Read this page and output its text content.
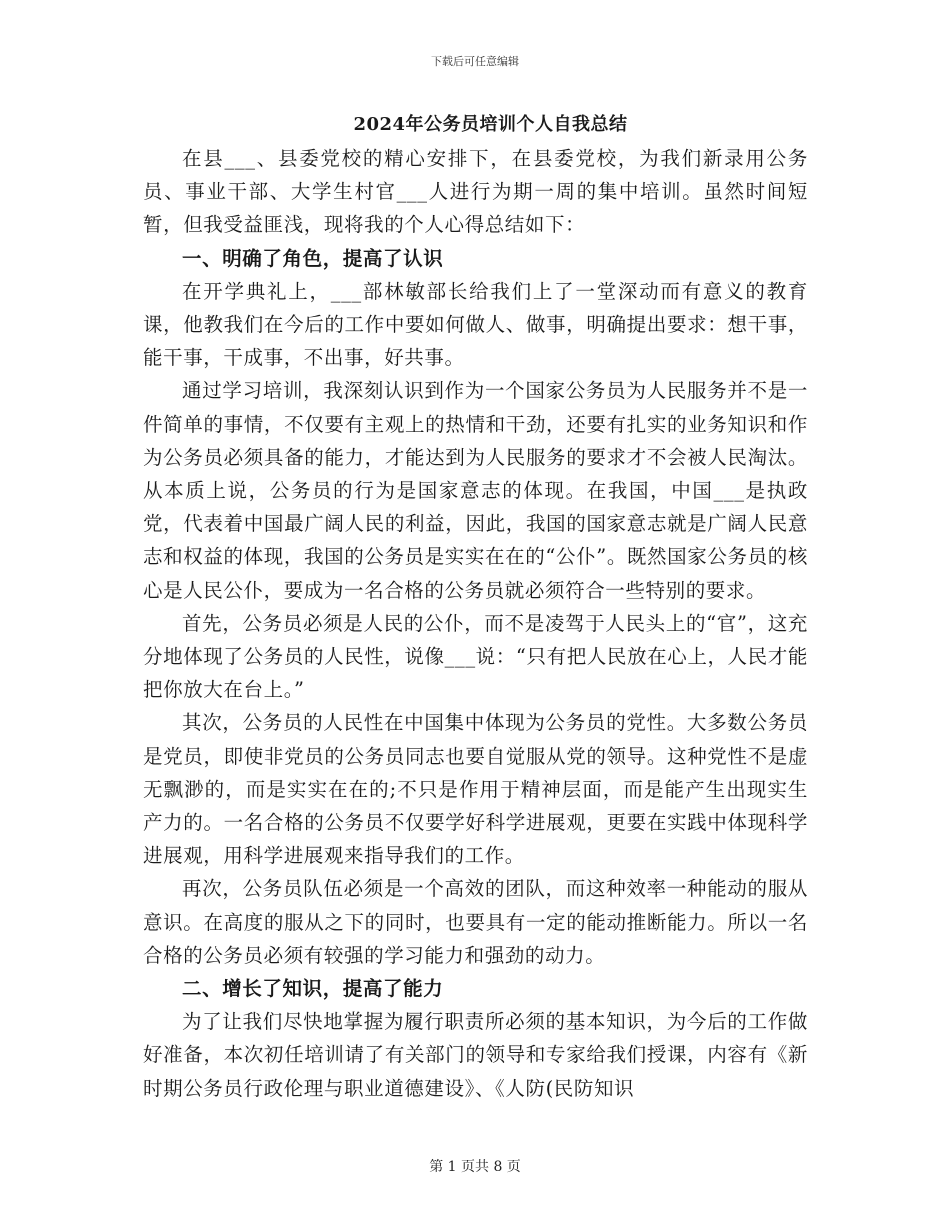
下载后可任意编辑
2024年公务员培训个人自我总结

在县___、县委党校的精心安排下，在县委党校，为我们新录用公务员、事业干部、大学生村官___人进行为期一周的集中培训。虽然时间短暂，但我受益匪浅，现将我的个人心得总结如下：

一、明确了角色，提高了认识

在开学典礼上，___部林敏部长给我们上了一堂深动而有意义的教育课，他教我们在今后的工作中要如何做人、做事，明确提出要求：想干事，能干事，干成事，不出事，好共事。

通过学习培训，我深刻认识到作为一个国家公务员为人民服务并不是一件简单的事情，不仅要有主观上的热情和干劲，还要有扎实的业务知识和作为公务员必须具备的能力，才能达到为人民服务的要求才不会被人民淘汰。从本质上说，公务员的行为是国家意志的体现。在我国，中国___是执政党，代表着中国最广阔人民的利益，因此，我国的国家意志就是广阔人民意志和权益的体现，我国的公务员是实实在在的“公仆”。既然国家公务员的核心是人民公仆，要成为一名合格的公务员就必须符合一些特别的要求。

首先，公务员必须是人民的公仆，而不是凌驾于人民头上的“官”，这充分地体现了公务员的人民性，说像___说：“只有把人民放在心上，人民才能把你放大在台上。”

其次，公务员的人民性在中国集中体现为公务员的党性。大多数公务员是党员，即使非党员的公务员同志也要自觉服从党的领导。这种党性不是虚无飘渺的，而是实实在在的;不只是作用于精神层面，而是能产生出现实生产力的。一名合格的公务员不仅要学好科学进展观，更要在实践中体现科学进展观，用科学进展观来指导我们的工作。

再次，公务员队伍必须是一个高效的团队，而这种效率一种能动的服从意识。在高度的服从之下的同时，也要具有一定的能动推断能力。所以一名合格的公务员必须有较强的学习能力和强劲的动力。

二、增长了知识，提高了能力

为了让我们尽快地掌握为履行职责所必须的基本知识，为今后的工作做好准备，本次初任培训请了有关部门的领导和专家给我们授课，内容有《新时期公务员行政伦理与职业道德建设》、《人防(民防知识

第 1 页共 8 页
